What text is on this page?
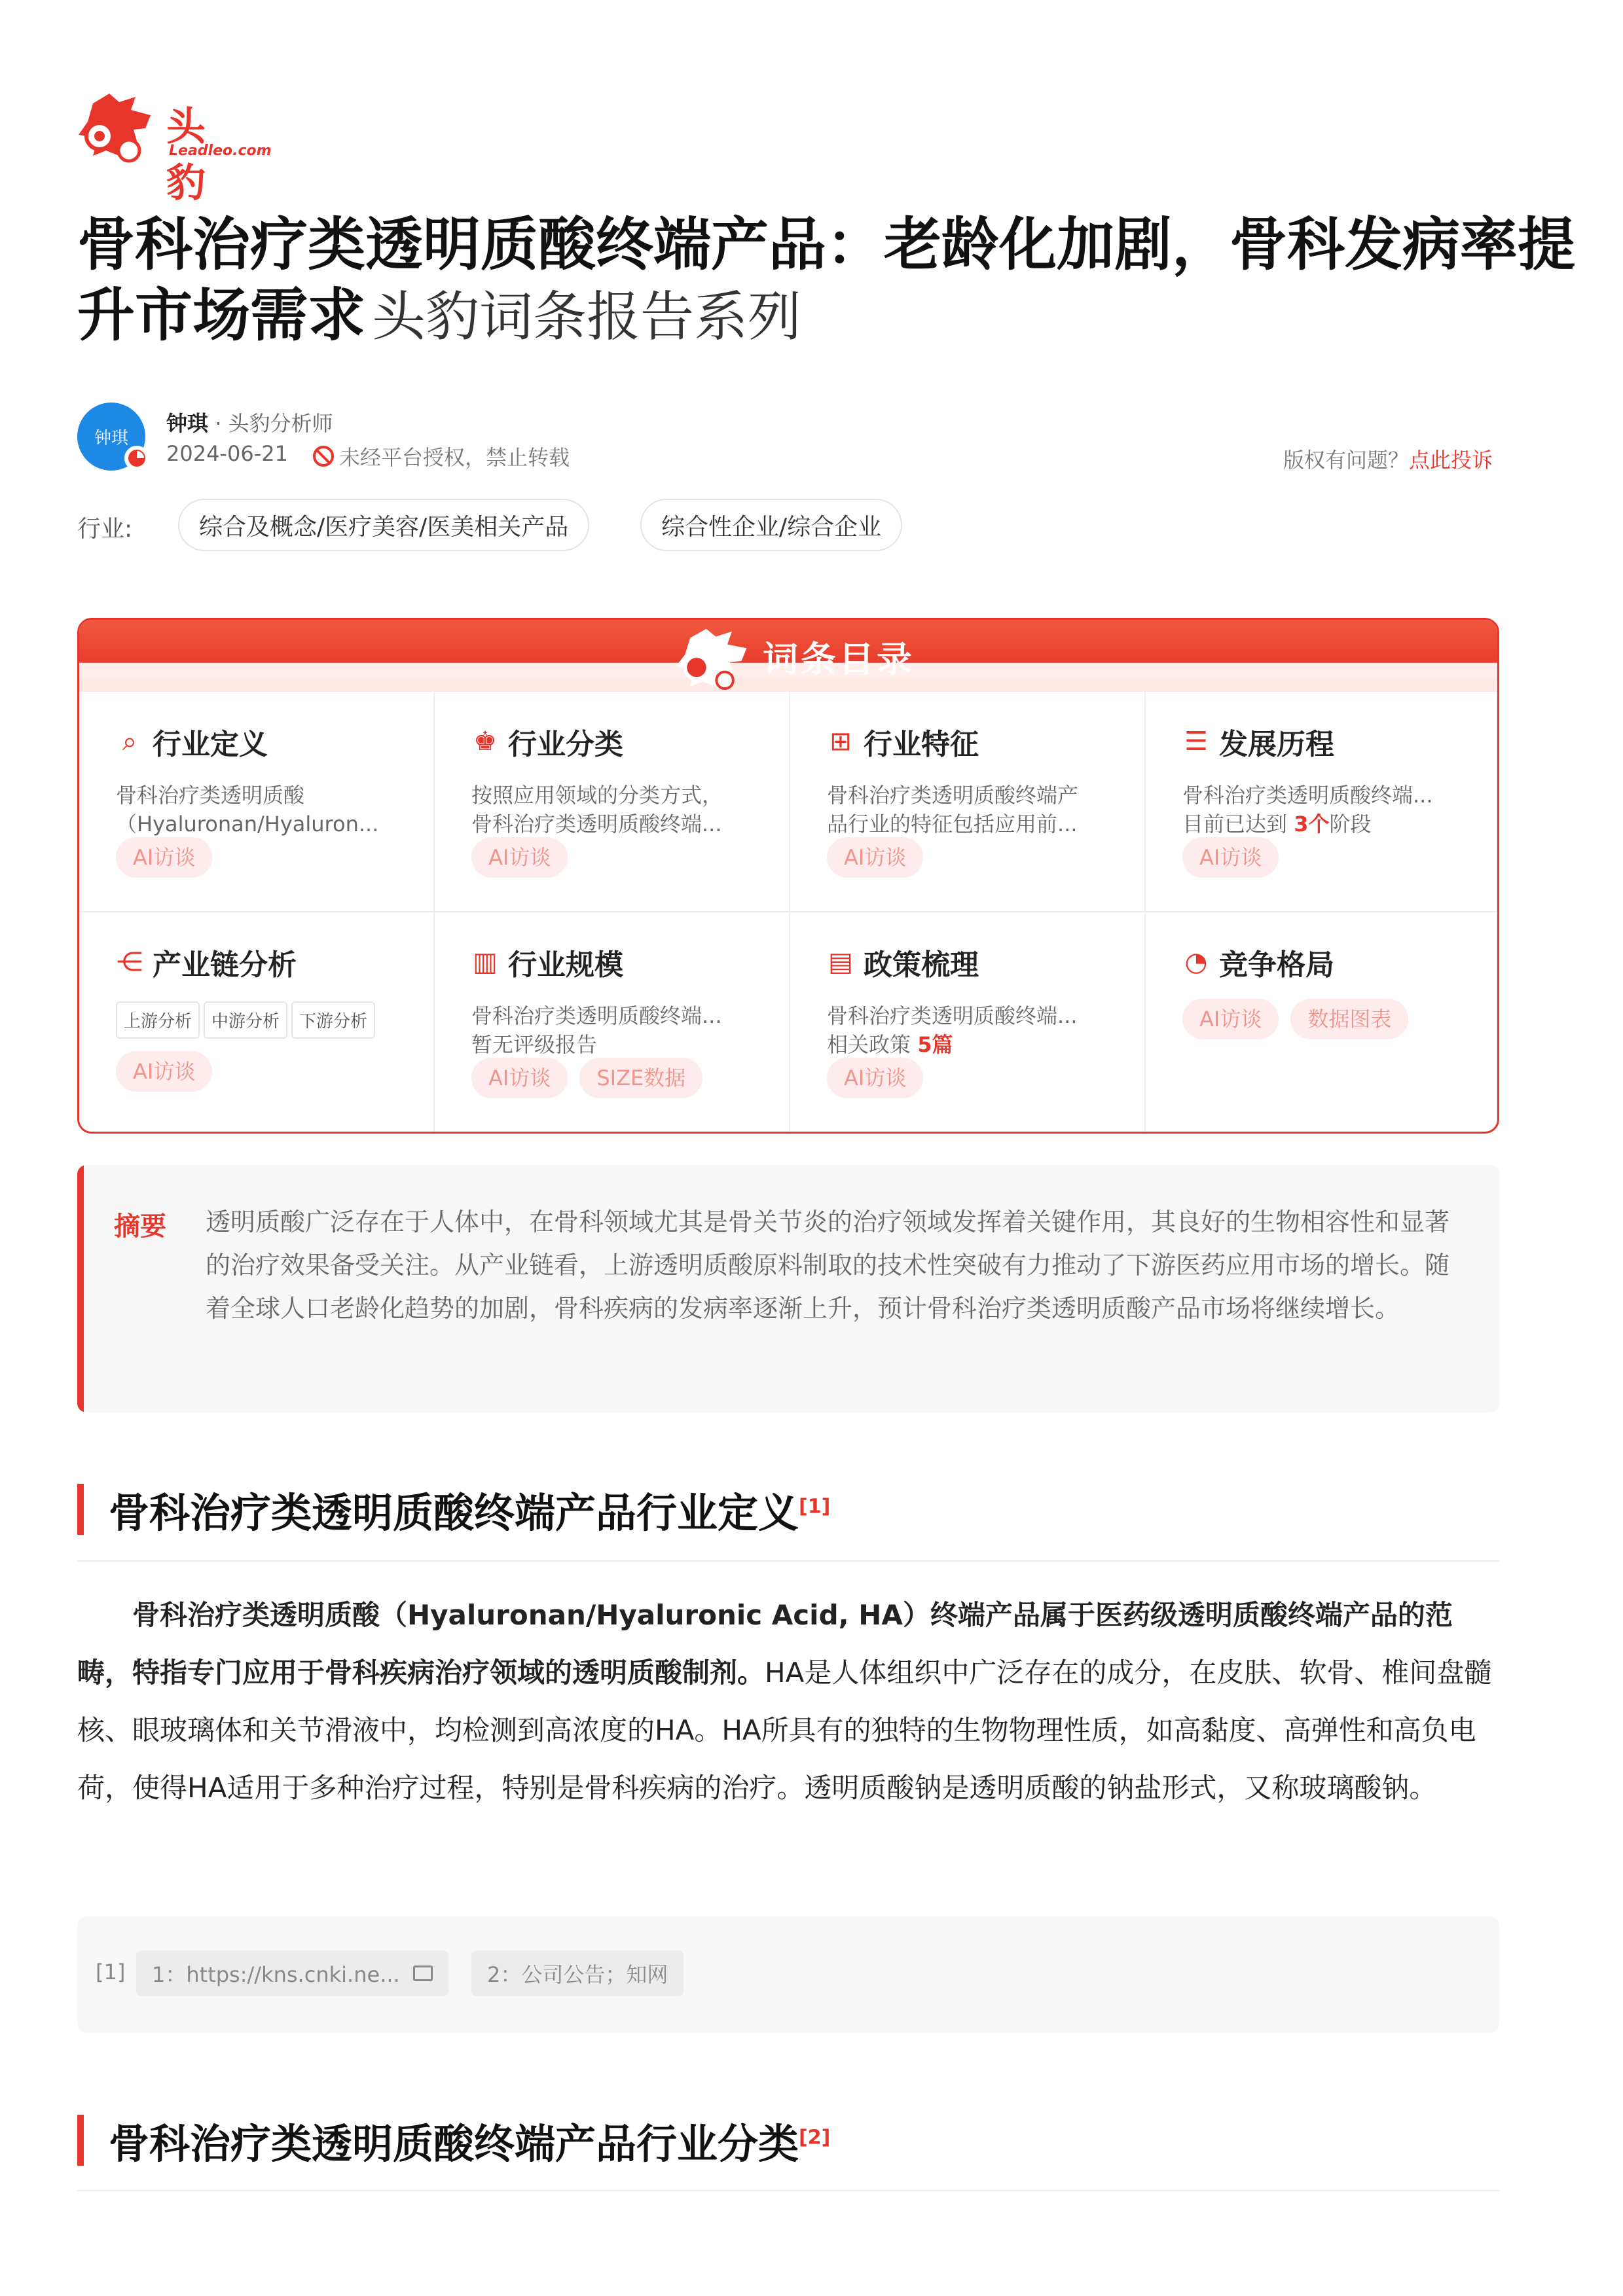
头豹
Leadleo.com
骨科治疗类透明质酸终端产品：老龄化加剧，骨科发病率提升市场需求 头豹词条报告系列
钟琪
钟琪 · 头豹分析师
2024-06-21 未经平台授权，禁止转载	版权有问题？点此投诉
行业:	综合及概念/医疗美容/医美相关产品	综合性企业/综合企业
词条目录
⌕ 行业定义

骨科治疗类透明质酸

（Hyaluronan/Hyaluron...

AI访谈
♚ 行业分类

按照应用领域的分类方式，

骨科治疗类透明质酸终端...

AI访谈
⊞ 行业特征

骨科治疗类透明质酸终端产

品行业的特征包括应用前...

AI访谈
☰ 发展历程

骨科治疗类透明质酸终端...

目前已达到 3个阶段

AI访谈
⋲ 产业链分析
上游分析 中游分析 下游分析
AI访谈
▥ 行业规模

骨科治疗类透明质酸终端...

暂无评级报告

AI访谈 SIZE数据
▤ 政策梳理

骨科治疗类透明质酸终端...

相关政策 5篇

AI访谈
◔ 竞争格局
AI访谈 数据图表
摘要 透明质酸广泛存在于人体中，在骨科领域尤其是骨关节炎的治疗领域发挥着关键作用，其良好的生物相容性和显著的治疗效果备受关注。从产业链看，上游透明质酸原料制取的技术性突破有力推动了下游医药应用市场的增长。随着全球人口老龄化趋势的加剧，骨科疾病的发病率逐渐上升，预计骨科治疗类透明质酸产品市场将继续增长。
骨科治疗类透明质酸终端产品行业定义[1]
骨科治疗类透明质酸（Hyaluronan/Hyaluronic Acid, HA）终端产品属于医药级透明质酸终端产品的范畴，特指专门应用于骨科疾病治疗领域的透明质酸制剂。HA是人体组织中广泛存在的成分，在皮肤、软骨、椎间盘髓核、眼玻璃体和关节滑液中，均检测到高浓度的HA。HA所具有的独特的生物物理性质，如高黏度、高弹性和高负电荷，使得HA适用于多种治疗过程，特别是骨科疾病的治疗。透明质酸钠是透明质酸的钠盐形式，又称玻璃酸钠。
[1] 1：https://kns.cnki.ne...	2：公司公告；知网
骨科治疗类透明质酸终端产品行业分类[2]
